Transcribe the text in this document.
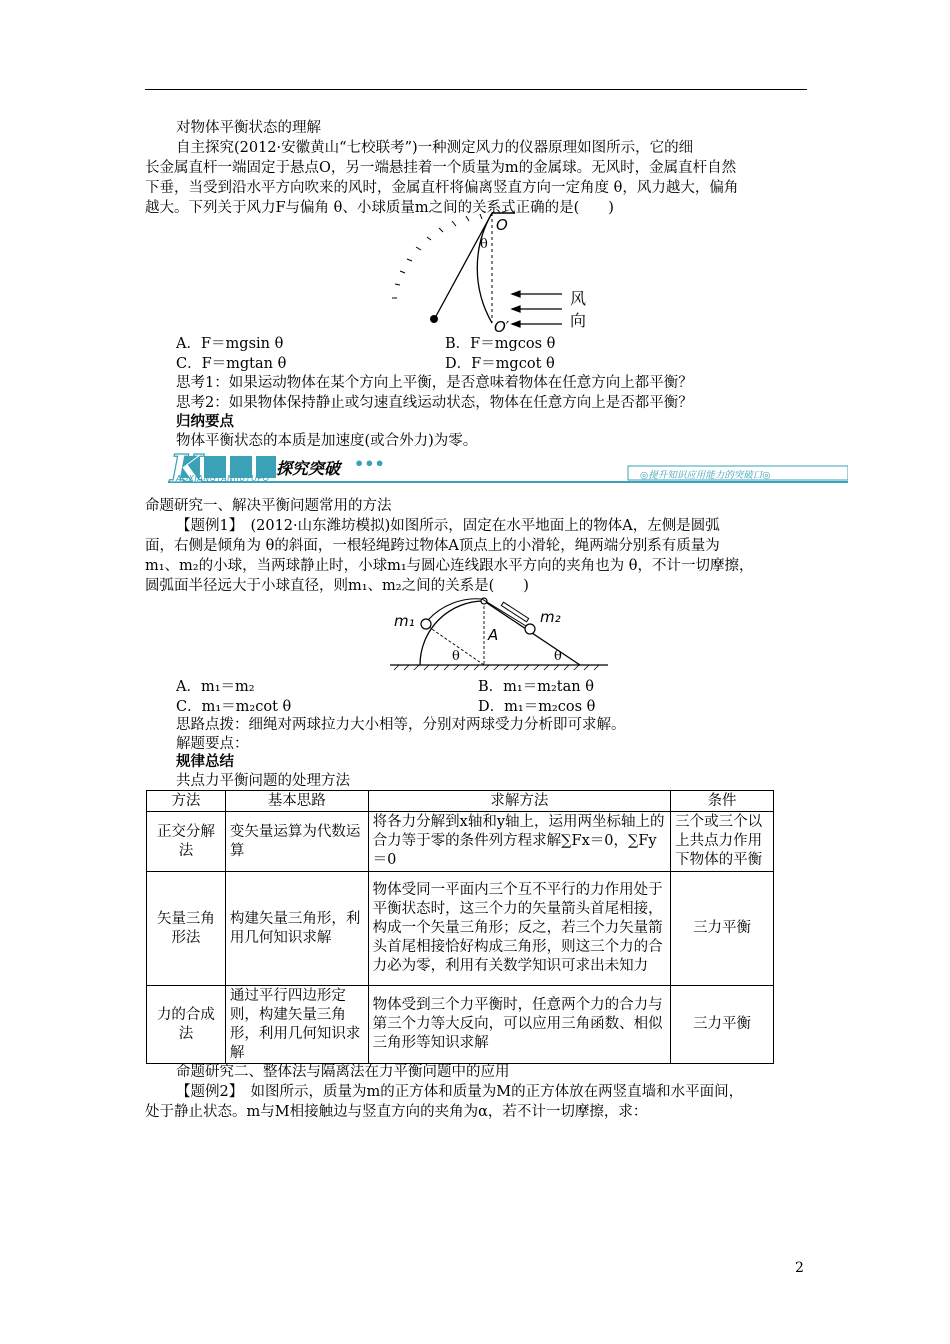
对物体平衡状态的理解
自主探究(2012·安徽黄山“七校联考”)一种测定风力的仪器原理如图所示，它的细
长金属直杆一端固定于悬点O，另一端悬挂着一个质量为m的金属球。无风时，金属直杆自然
下垂，当受到沿水平方向吹来的风时，金属直杆将偏离竖直方向一定角度 θ，风力越大，偏角
越大。下列关于风力F与偏角 θ、小球质量m之间的关系式正确的是(　　)
O
θ
O′
风
向
A．F＝mgsin θ	B．F＝mgcos θ
C．F＝mgtan θ	D．F＝mgcot θ
思考1：如果运动物体在某个方向上平衡，是否意味着物体在任意方向上都平衡？
思考2：如果物体保持静止或匀速直线运动状态，物体在任意方向上是否都平衡？
归纳要点
物体平衡状态的本质是加速度(或合外力)为零。
K	探究突破 •••
AOXIANGTANJIUTUPO	◎提升知识应用能力的突破口◎
命题研究一、解决平衡问题常用的方法
【题例1】　(2012·山东潍坊模拟)如图所示，固定在水平地面上的物体A，左侧是圆弧
面，右侧是倾角为 θ的斜面，一根轻绳跨过物体A顶点上的小滑轮，绳两端分别系有质量为
m₁、m₂的小球，当两球静止时，小球m₁与圆心连线跟水平方向的夹角也为 θ，不计一切摩擦，
圆弧面半径远大于小球直径，则m₁、m₂之间的关系是(　　)
m₁	m₂
A
θ	θ
A．m₁＝m₂	B．m₁＝m₂tan θ
C．m₁＝m₂cot θ	D．m₁＝m₂cos θ
思路点拨：细绳对两球拉力大小相等，分别对两球受力分析即可求解。
解题要点：
规律总结
共点力平衡问题的处理方法
方法	基本思路	求解方法	条件
正交分解法	变矢量运算为代数运算	将各力分解到x轴和y轴上，运用两坐标轴上的合力等于零的条件列方程求解∑Fx＝0，∑Fy＝0	三个或三个以上共点力作用下物体的平衡
矢量三角形法	构建矢量三角形，利用几何知识求解	物体受同一平面内三个互不平行的力作用处于平衡状态时，这三个力的矢量箭头首尾相接，构成一个矢量三角形；反之，若三个力矢量箭头首尾相接恰好构成三角形，则这三个力的合力必为零，利用有关数学知识可求出未知力	三力平衡
力的合成法	通过平行四边形定则，构建矢量三角形，利用几何知识求解	物体受到三个力平衡时，任意两个力的合力与第三个力等大反向，可以应用三角函数、相似三角形等知识求解	三力平衡
命题研究二、整体法与隔离法在力平衡问题中的应用
【题例2】　如图所示，质量为m的正方体和质量为M的正方体放在两竖直墙和水平面间，
处于静止状态。m与M相接触边与竖直方向的夹角为α，若不计一切摩擦，求：
2
